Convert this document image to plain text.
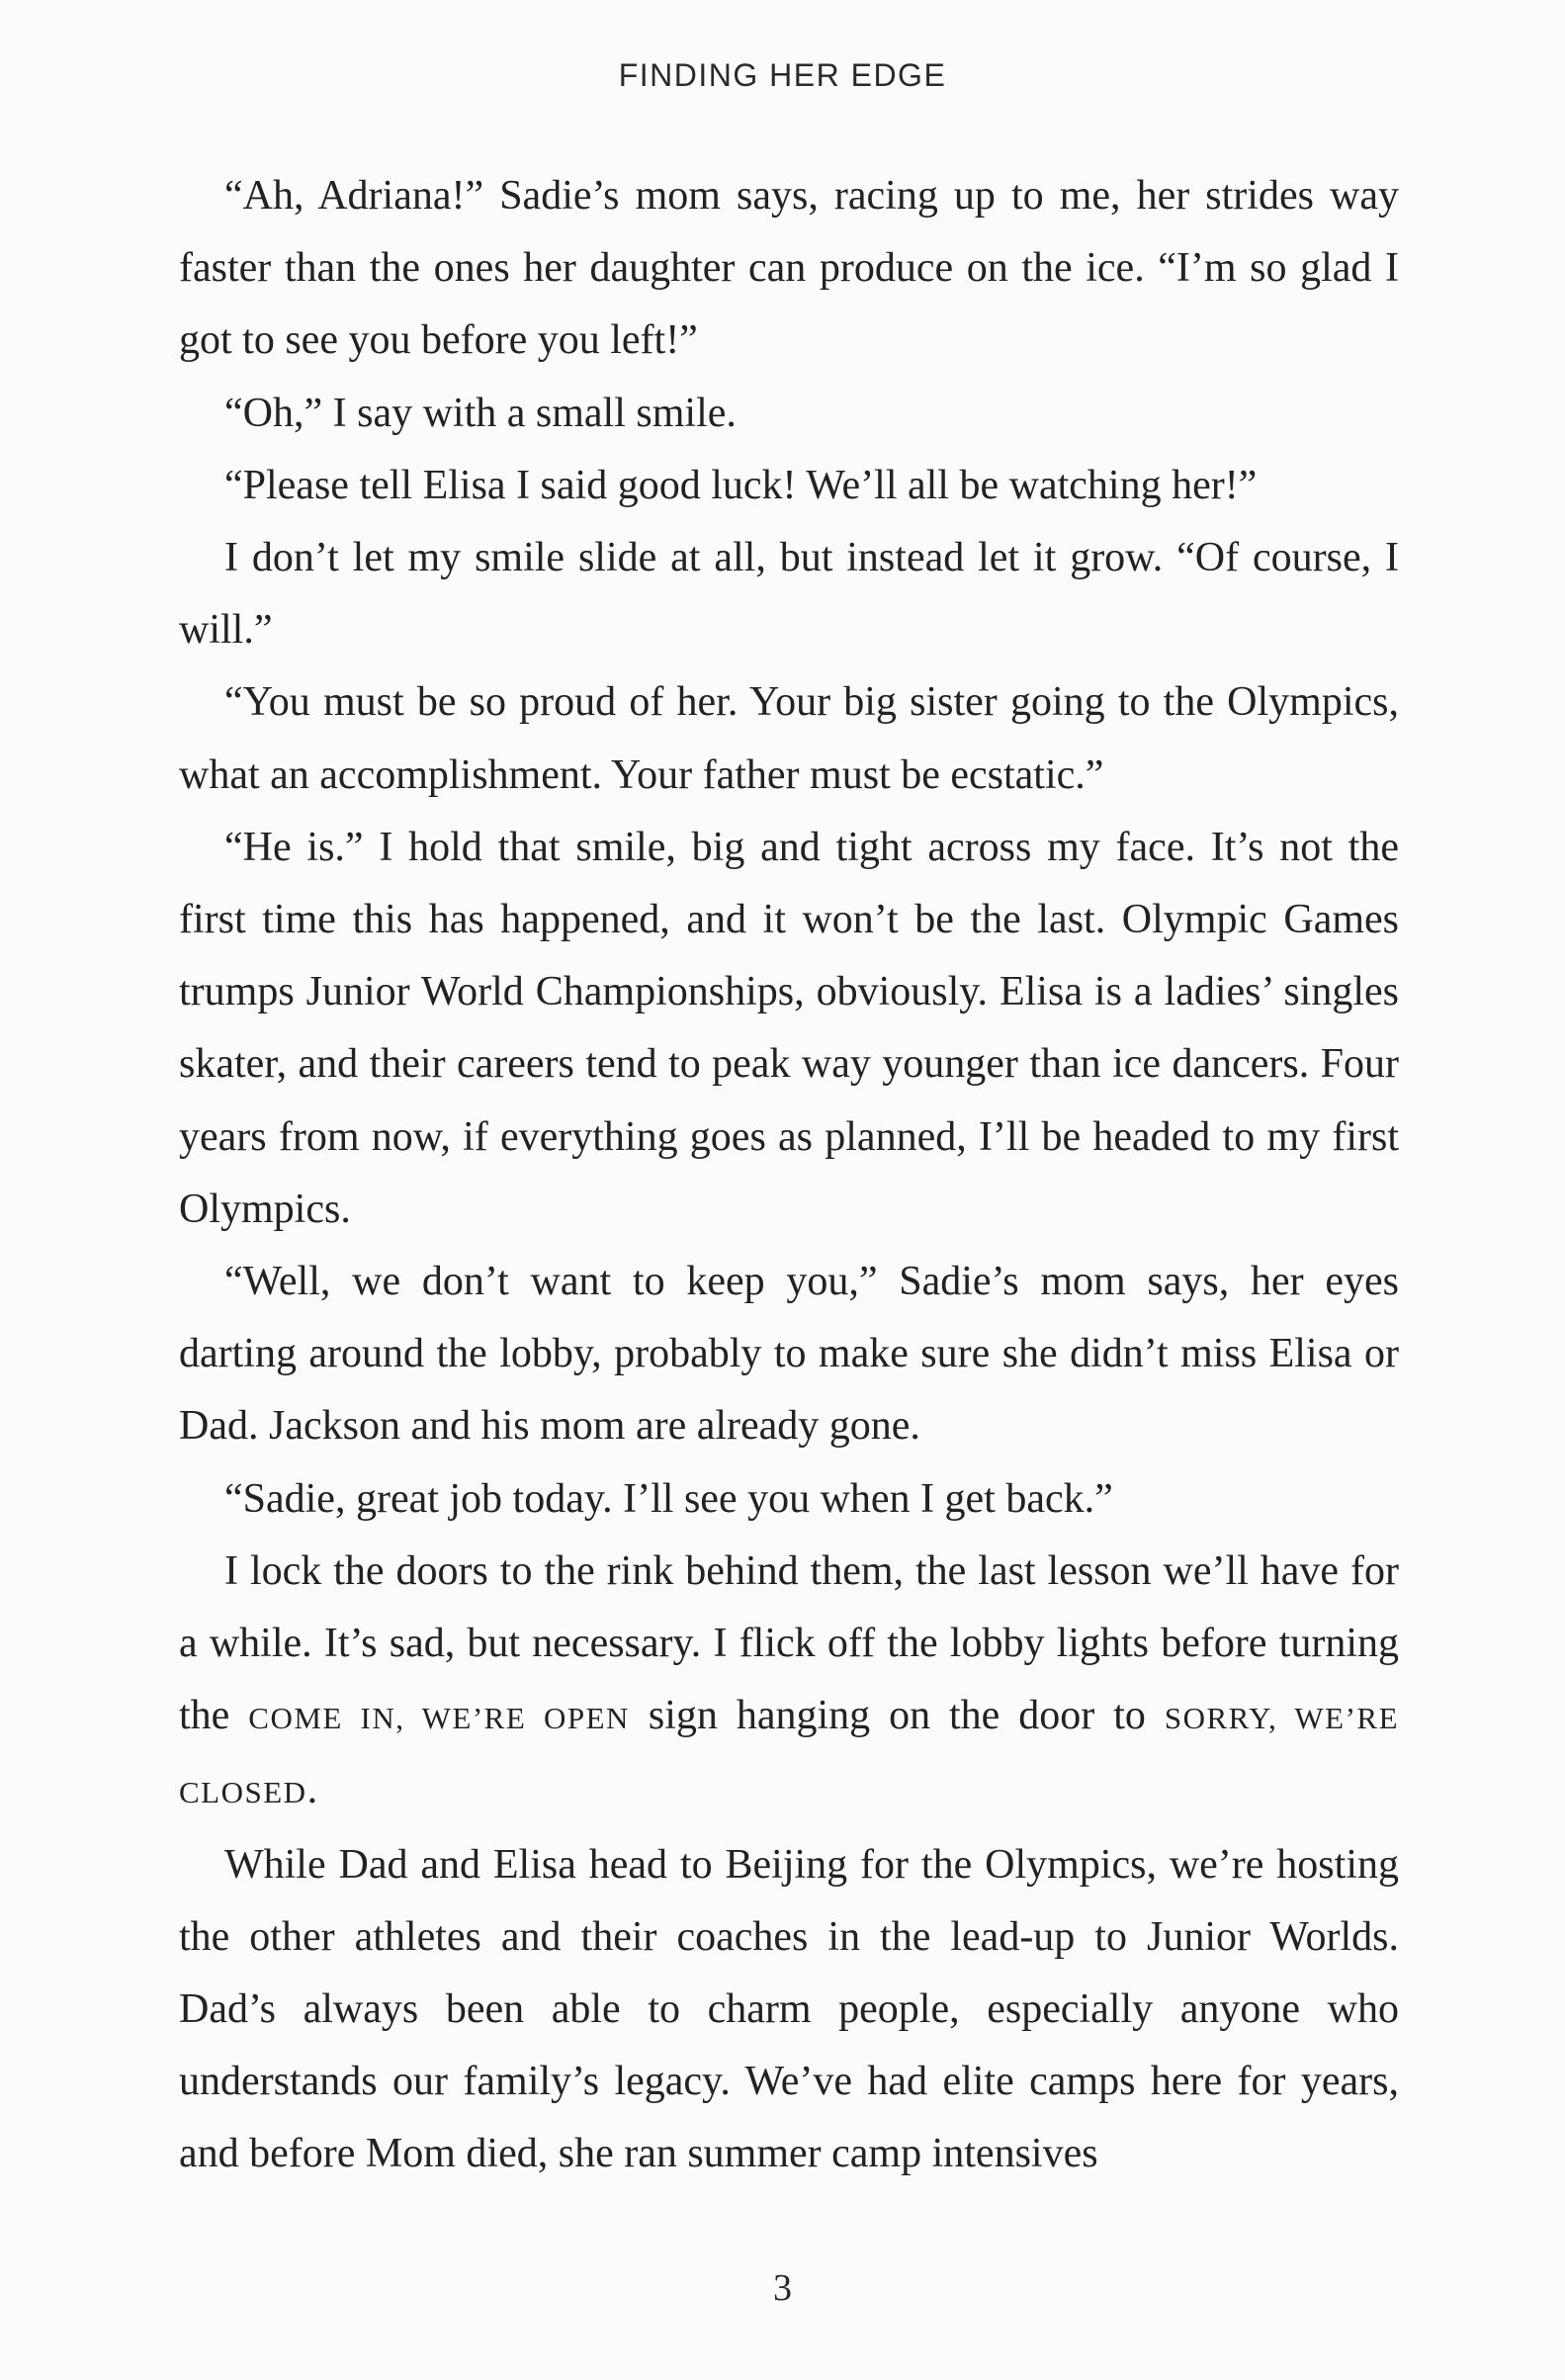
FINDING HER EDGE

“Ah, Adriana!” Sadie’s mom says, racing up to me, her strides way faster than the ones her daughter can produce on the ice. “I’m so glad I got to see you before you left!”

“Oh,” I say with a small smile.

“Please tell Elisa I said good luck! We’ll all be watching her!”

I don’t let my smile slide at all, but instead let it grow. “Of course, I will.”

“You must be so proud of her. Your big sister going to the Olympics, what an accomplishment. Your father must be ecstatic.”

“He is.” I hold that smile, big and tight across my face. It’s not the first time this has happened, and it won’t be the last. Olympic Games trumps Junior World Championships, obviously. Elisa is a ladies’ singles skater, and their careers tend to peak way younger than ice dancers. Four years from now, if everything goes as planned, I’ll be headed to my first Olympics.

“Well, we don’t want to keep you,” Sadie’s mom says, her eyes darting around the lobby, probably to make sure she didn’t miss Elisa or Dad. Jackson and his mom are already gone.

“Sadie, great job today. I’ll see you when I get back.”

I lock the doors to the rink behind them, the last lesson we’ll have for a while. It’s sad, but necessary. I flick off the lobby lights before turning the COME IN, WE’RE OPEN sign hanging on the door to SORRY, WE’RE CLOSED.

While Dad and Elisa head to Beijing for the Olympics, we’re hosting the other athletes and their coaches in the lead-up to Junior Worlds. Dad’s always been able to charm people, especially anyone who understands our family’s legacy. We’ve had elite camps here for years, and before Mom died, she ran summer camp intensives

3
